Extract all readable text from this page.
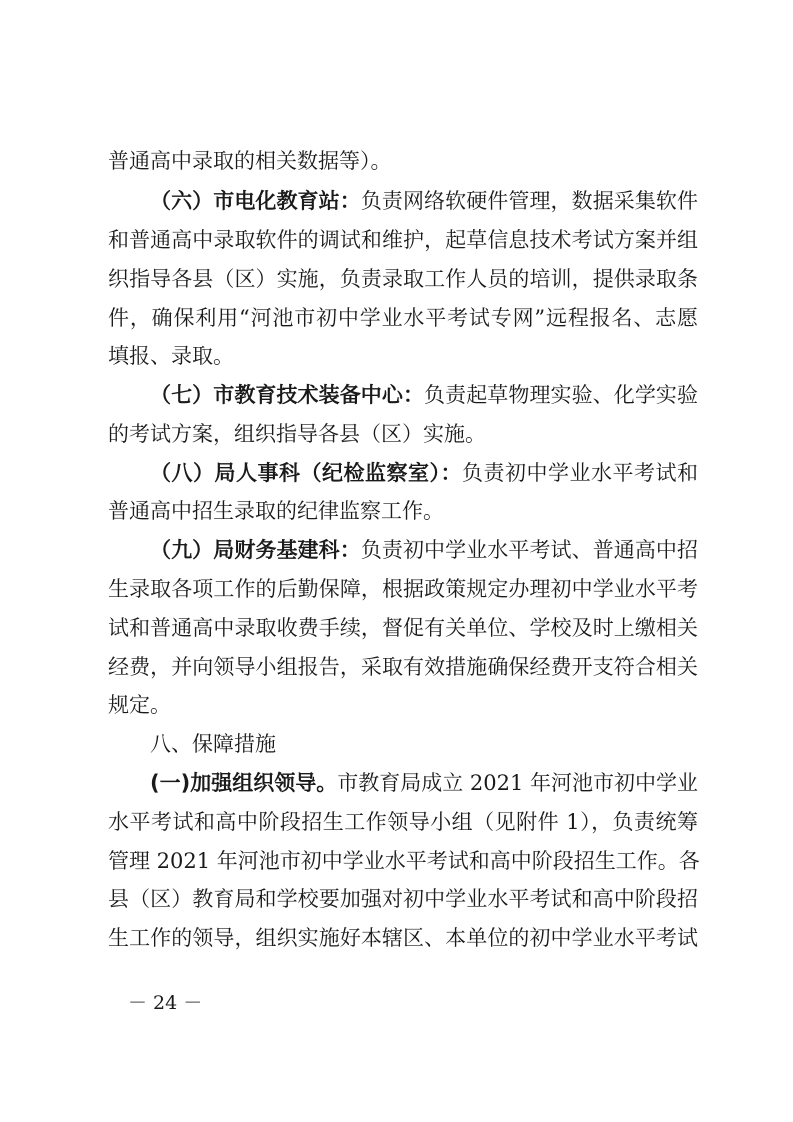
普通高中录取的相关数据等）。
（六）市电化教育站：负责网络软硬件管理，数据采集软件
和普通高中录取软件的调试和维护，起草信息技术考试方案并组
织指导各县（区）实施，负责录取工作人员的培训，提供录取条
件，确保利用“河池市初中学业水平考试专网”远程报名、志愿
填报、录取。
（七）市教育技术装备中心：负责起草物理实验、化学实验
的考试方案，组织指导各县（区）实施。
（八）局人事科（纪检监察室）：负责初中学业水平考试和
普通高中招生录取的纪律监察工作。
（九）局财务基建科：负责初中学业水平考试、普通高中招
生录取各项工作的后勤保障，根据政策规定办理初中学业水平考
试和普通高中录取收费手续，督促有关单位、学校及时上缴相关
经费，并向领导小组报告，采取有效措施确保经费开支符合相关
规定。
八、保障措施
(一)加强组织领导。市教育局成立 2021 年河池市初中学业
水平考试和高中阶段招生工作领导小组（见附件 1），负责统筹
管理 2021 年河池市初中学业水平考试和高中阶段招生工作。各
县（区）教育局和学校要加强对初中学业水平考试和高中阶段招
生工作的领导，组织实施好本辖区、本单位的初中学业水平考试
－ 24 －
